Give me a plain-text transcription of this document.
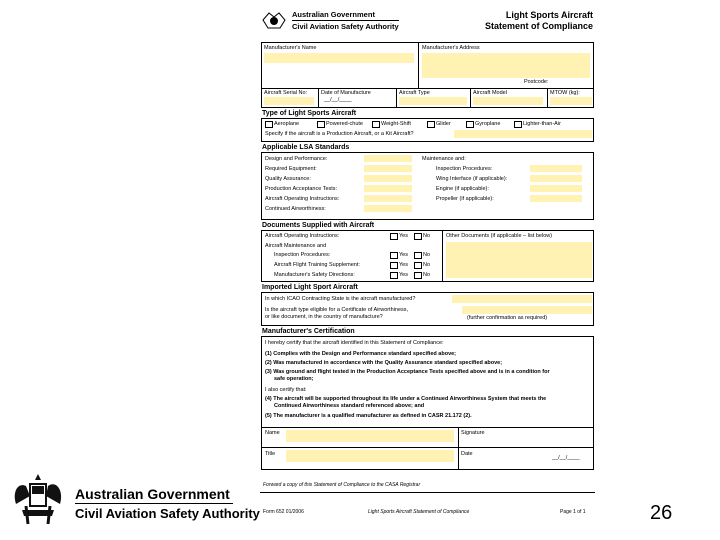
Australian Government
Civil Aviation Safety Authority
Light Sports Aircraft
Statement of Compliance
Manufacturer's Name	Manufacturer's Address
Postcode:
Aircraft Serial No:	Date of Manufacture
__/__/____
Aircraft Type	Aircraft Model	MTOW (kg):
Type of Light Sports Aircraft
Aeroplane	Powered-chute	Weight-Shift	Glider	Gyroplane	Lighter-than-Air
Specify if the aircraft is a Production Aircraft, or a Kit Aircraft?
Applicable LSA Standards
Design and Performance:
Required Equipment:
Quality Assurance:
Production Acceptance Tests:
Aircraft Operating Instructions:
Continued Airworthiness:
Maintenance and:
Inspection Procedures:
Wing Interface (if applicable):
Engine (if applicable):
Propeller (if applicable):
Documents Supplied with Aircraft
Aircraft Operating Instructions:	Yes	No
Aircraft Maintenance and
Inspection Procedures:	Yes	No
Aircraft Flight Training Supplement:	Yes	No
Manufacturer's Safety Directions:	Yes	No
Other Documents (if applicable – list below)
Imported Light Sport Aircraft
In which ICAO Contracting State is the aircraft manufactured?
Is the aircraft type eligible for a Certificate of Airworthiness,
or like document, in the country of manufacture?	(further confirmation as required)
Manufacturer's Certification
I hereby certify that the aircraft identified in this Statement of Compliance:
(1) Complies with the Design and Performance standard specified above;
(2) Was manufactured in accordance with the Quality Assurance standard specified above;
(3) Was ground and flight tested in the Production Acceptance Tests specified above and is in a condition for
safe operation;
I also certify that:
(4) The aircraft will be supported throughout its life under a Continued Airworthiness System that meets the
Continued Airworthiness standard referenced above; and
(5) The manufacturer is a qualified manufacturer as defined in CASR 21.172 (2).
Name	Signature
Title	Date
__/__/____
Forward a copy of this Statement of Compliance to the CASA Registrar
Form 652 01/2006	Light Sports Aircraft Statement of Compliance	Page 1 of 1
Australian Government
Civil Aviation Safety Authority	26
